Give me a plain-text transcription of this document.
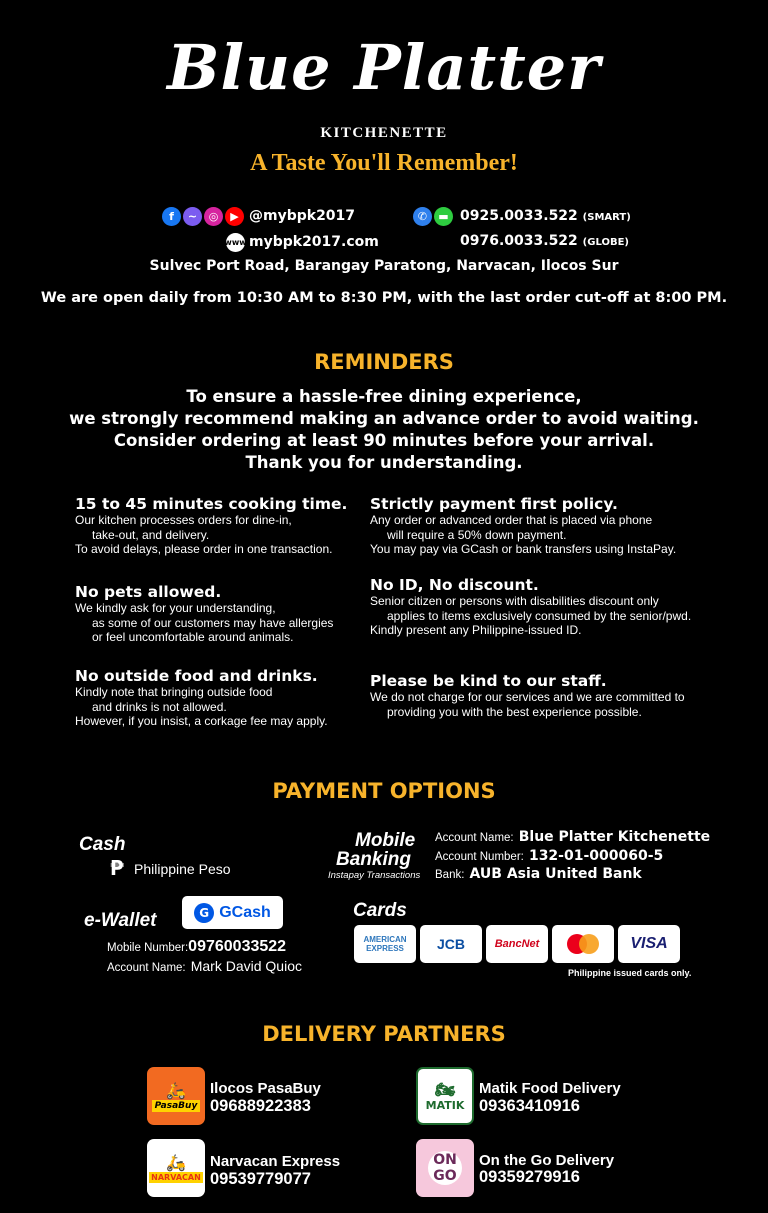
Blue Platter
KITCHENETTE
A Taste You'll Remember!
f	~	◎	▶ @mybpk2017
www mybpk2017.com
✆	▬ 0925.0033.522 (SMART)
0976.0033.522 (GLOBE)
Sulvec Port Road, Barangay Paratong, Narvacan, Ilocos Sur
We are open daily from 10:30 AM to 8:30 PM, with the last order cut-off at 8:00 PM.
REMINDERS
To ensure a hassle-free dining experience,
we strongly recommend making an advance order to avoid waiting.
Consider ordering at least 90 minutes before your arrival.
Thank you for understanding.
15 to 45 minutes cooking time.
Our kitchen processes orders for dine-in,
take-out, and delivery.
To avoid delays, please order in one transaction.
Strictly payment first policy.
Any order or advanced order that is placed via phone
will require a 50% down payment.
You may pay via GCash or bank transfers using InstaPay.
No pets allowed.
We kindly ask for your understanding,
as some of our customers may have allergies
or feel uncomfortable around animals.
No ID, No discount.
Senior citizen or persons with disabilities discount only
applies to items exclusively consumed by the senior/pwd.
Kindly present any Philippine-issued ID.
No outside food and drinks.
Kindly note that bringing outside food
and drinks is not allowed.
However, if you insist, a corkage fee may apply.
Please be kind to our staff.
We do not charge for our services and we are committed to
providing you with the best experience possible.
PAYMENT OPTIONS
Cash
₱ Philippine Peso
Mobile
Banking
Instapay Transactions
Account Name: Blue Platter Kitchenette
Account Number: 132-01-000060-5
Bank: AUB Asia United Bank
e-Wallet	G GCash
Mobile Number:09760033522
Account Name: Mark David Quioc
Cards
AMERICAN EXPRESS	JCB	BancNet	VISA
Philippine issued cards only.
DELIVERY PARTNERS
🛵
PasaBuy
Ilocos PasaBuy
09688922383
🏍
MATIK
Matik Food Delivery
09363410916
🛵
NARVACAN
Narvacan Express
09539779077
ON GO
On the Go Delivery
09359279916
